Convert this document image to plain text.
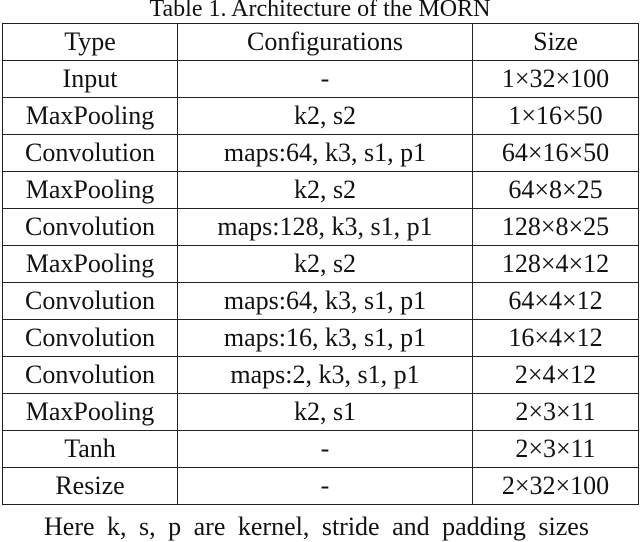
Table 1. Architecture of the MORN
Type	Configurations	Size
Input	-	1×32×100
MaxPooling	k2, s2	1×16×50
Convolution	maps:64, k3, s1, p1	64×16×50
MaxPooling	k2, s2	64×8×25
Convolution	maps:128, k3, s1, p1	128×8×25
MaxPooling	k2, s2	128×4×12
Convolution	maps:64, k3, s1, p1	64×4×12
Convolution	maps:16, k3, s1, p1	16×4×12
Convolution	maps:2, k3, s1, p1	2×4×12
MaxPooling	k2, s1	2×3×11
Tanh	-	2×3×11
Resize	-	2×32×100
Here k, s, p are kernel, stride and padding sizes
